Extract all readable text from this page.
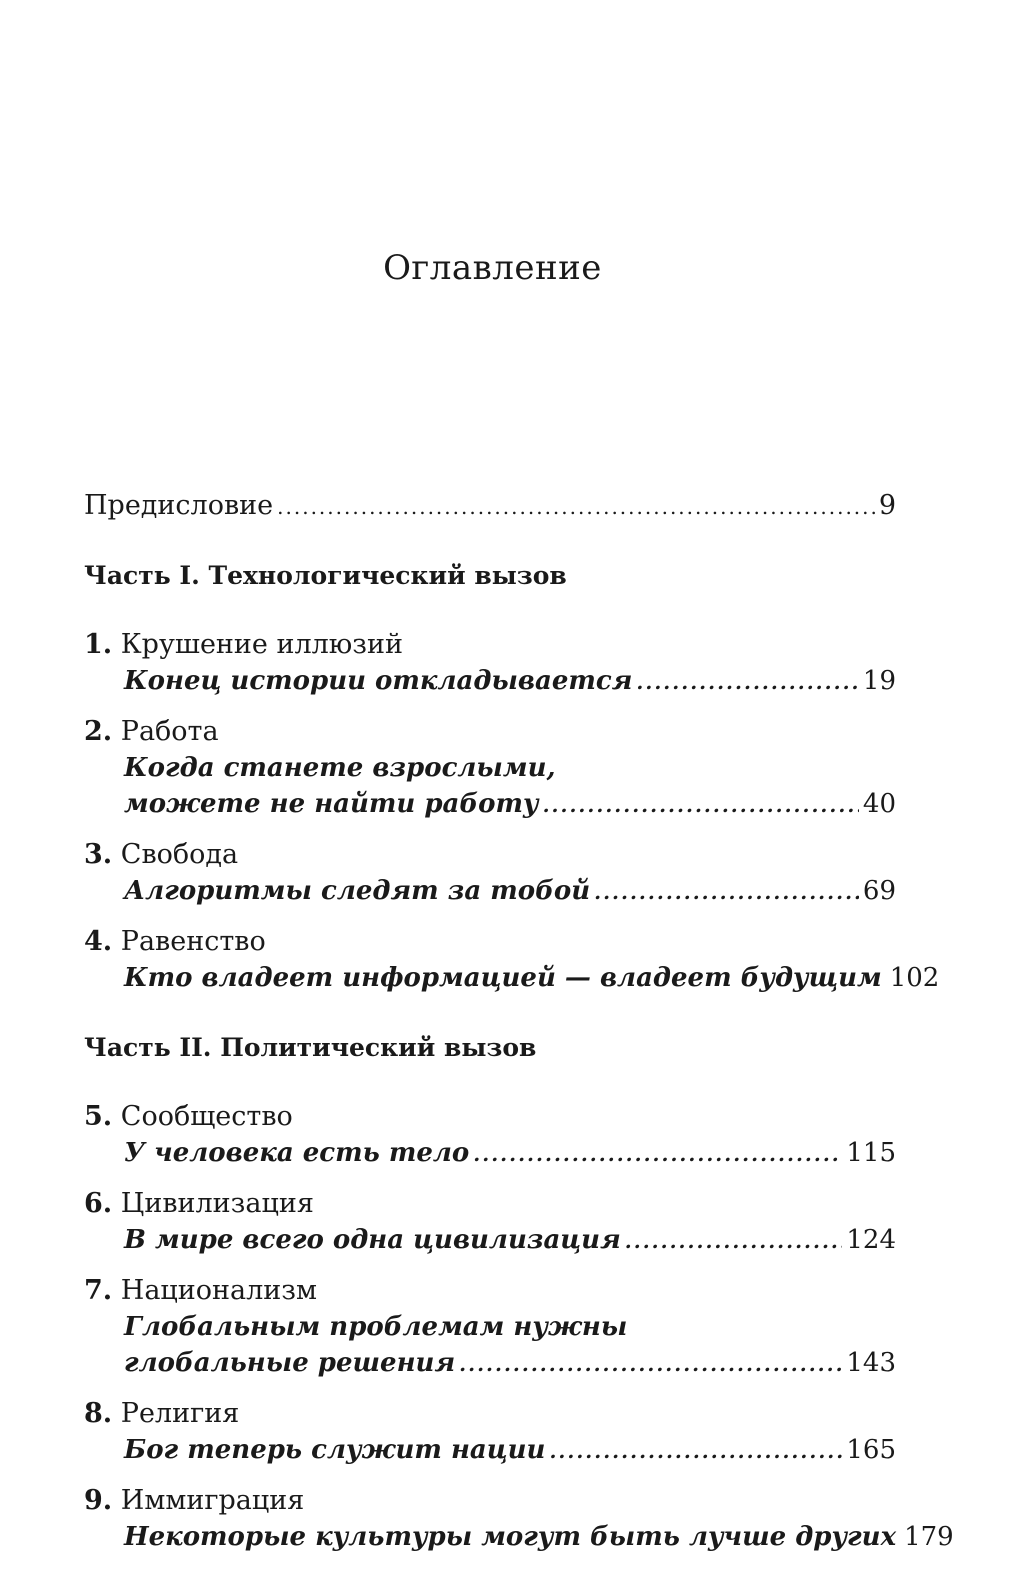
Оглавление
Предисловие .....	9
Часть I. Технологический вызов
1. Крушение иллюзий
Конец истории откладывается .....	19
2. Работа
Когда станете взрослыми,
можете не найти работу .....	40
3. Свобода
Алгоритмы следят за тобой .....	69
4. Равенство
Кто владеет информацией — владеет будущим 102
Часть II. Политический вызов
5. Сообщество
У человека есть тело .....	115
6. Цивилизация
В мире всего одна цивилизация .....	124
7. Национализм
Глобальным проблемам нужны
глобальные решения .....	143
8. Религия
Бог теперь служит нации .....	165
9. Иммиграция
Некоторые культуры могут быть лучше других 179
